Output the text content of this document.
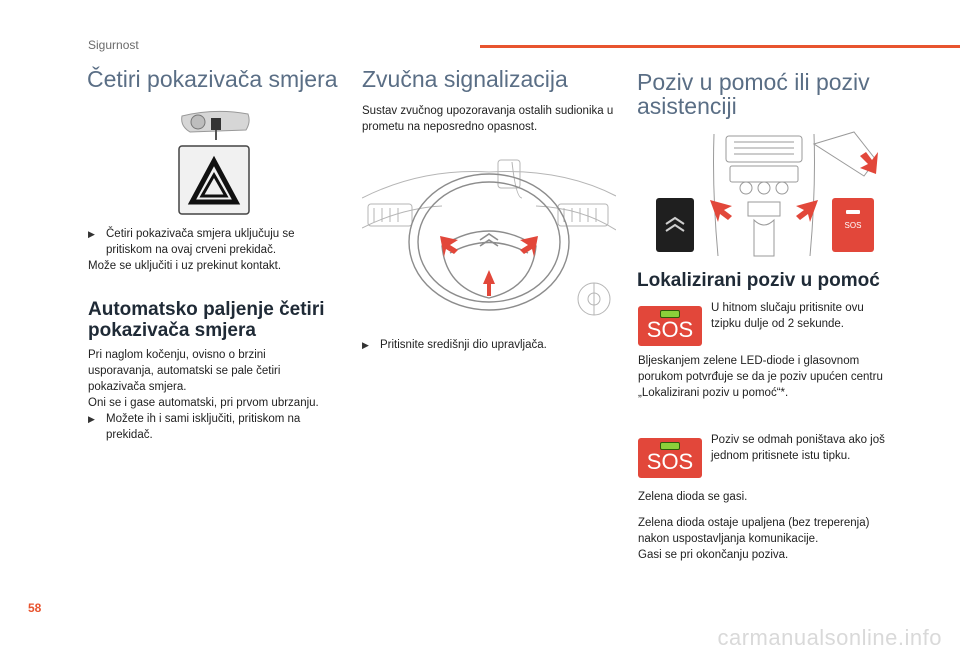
Sigurnost
Četiri pokazivača smjera
▶ Četiri pokazivača smjera uključuju se pritiskom na ovaj crveni prekidač.
Može se uključiti i uz prekinut kontakt.
Automatsko paljenje četiri
pokazivača smjera
Pri naglom kočenju, ovisno o brzini
usporavanja, automatski se pale četiri
pokazivača smjera.
Oni se i gase automatski, pri prvom ubrzanju.
▶ Možete ih i sami isključiti, pritiskom na prekidač.
Zvučna signalizacija
Sustav zvučnog upozoravanja ostalih sudionika u prometu na neposredno opasnost.
▶ Pritisnite središnji dio upravljača.
Poziv u pomoć ili poziv
asistenciji
SOS
Lokalizirani poziv u pomoć
SOS
U hitnom slučaju pritisnite ovu tzipku dulje od 2 sekunde.
Bljeskanjem zelene LED-diode i glasovnom porukom potvrđuje se da je poziv upućen centru „Lokalizirani poziv u pomoć“*.
SOS
Poziv se odmah poništava ako još jednom pritisnete istu tipku.
Zelena dioda se gasi.
Zelena dioda ostaje upaljena (bez treperenja) nakon uspostavljanja komunikacije.
Gasi se pri okončanju poziva.
58
carmanualsonline.info
